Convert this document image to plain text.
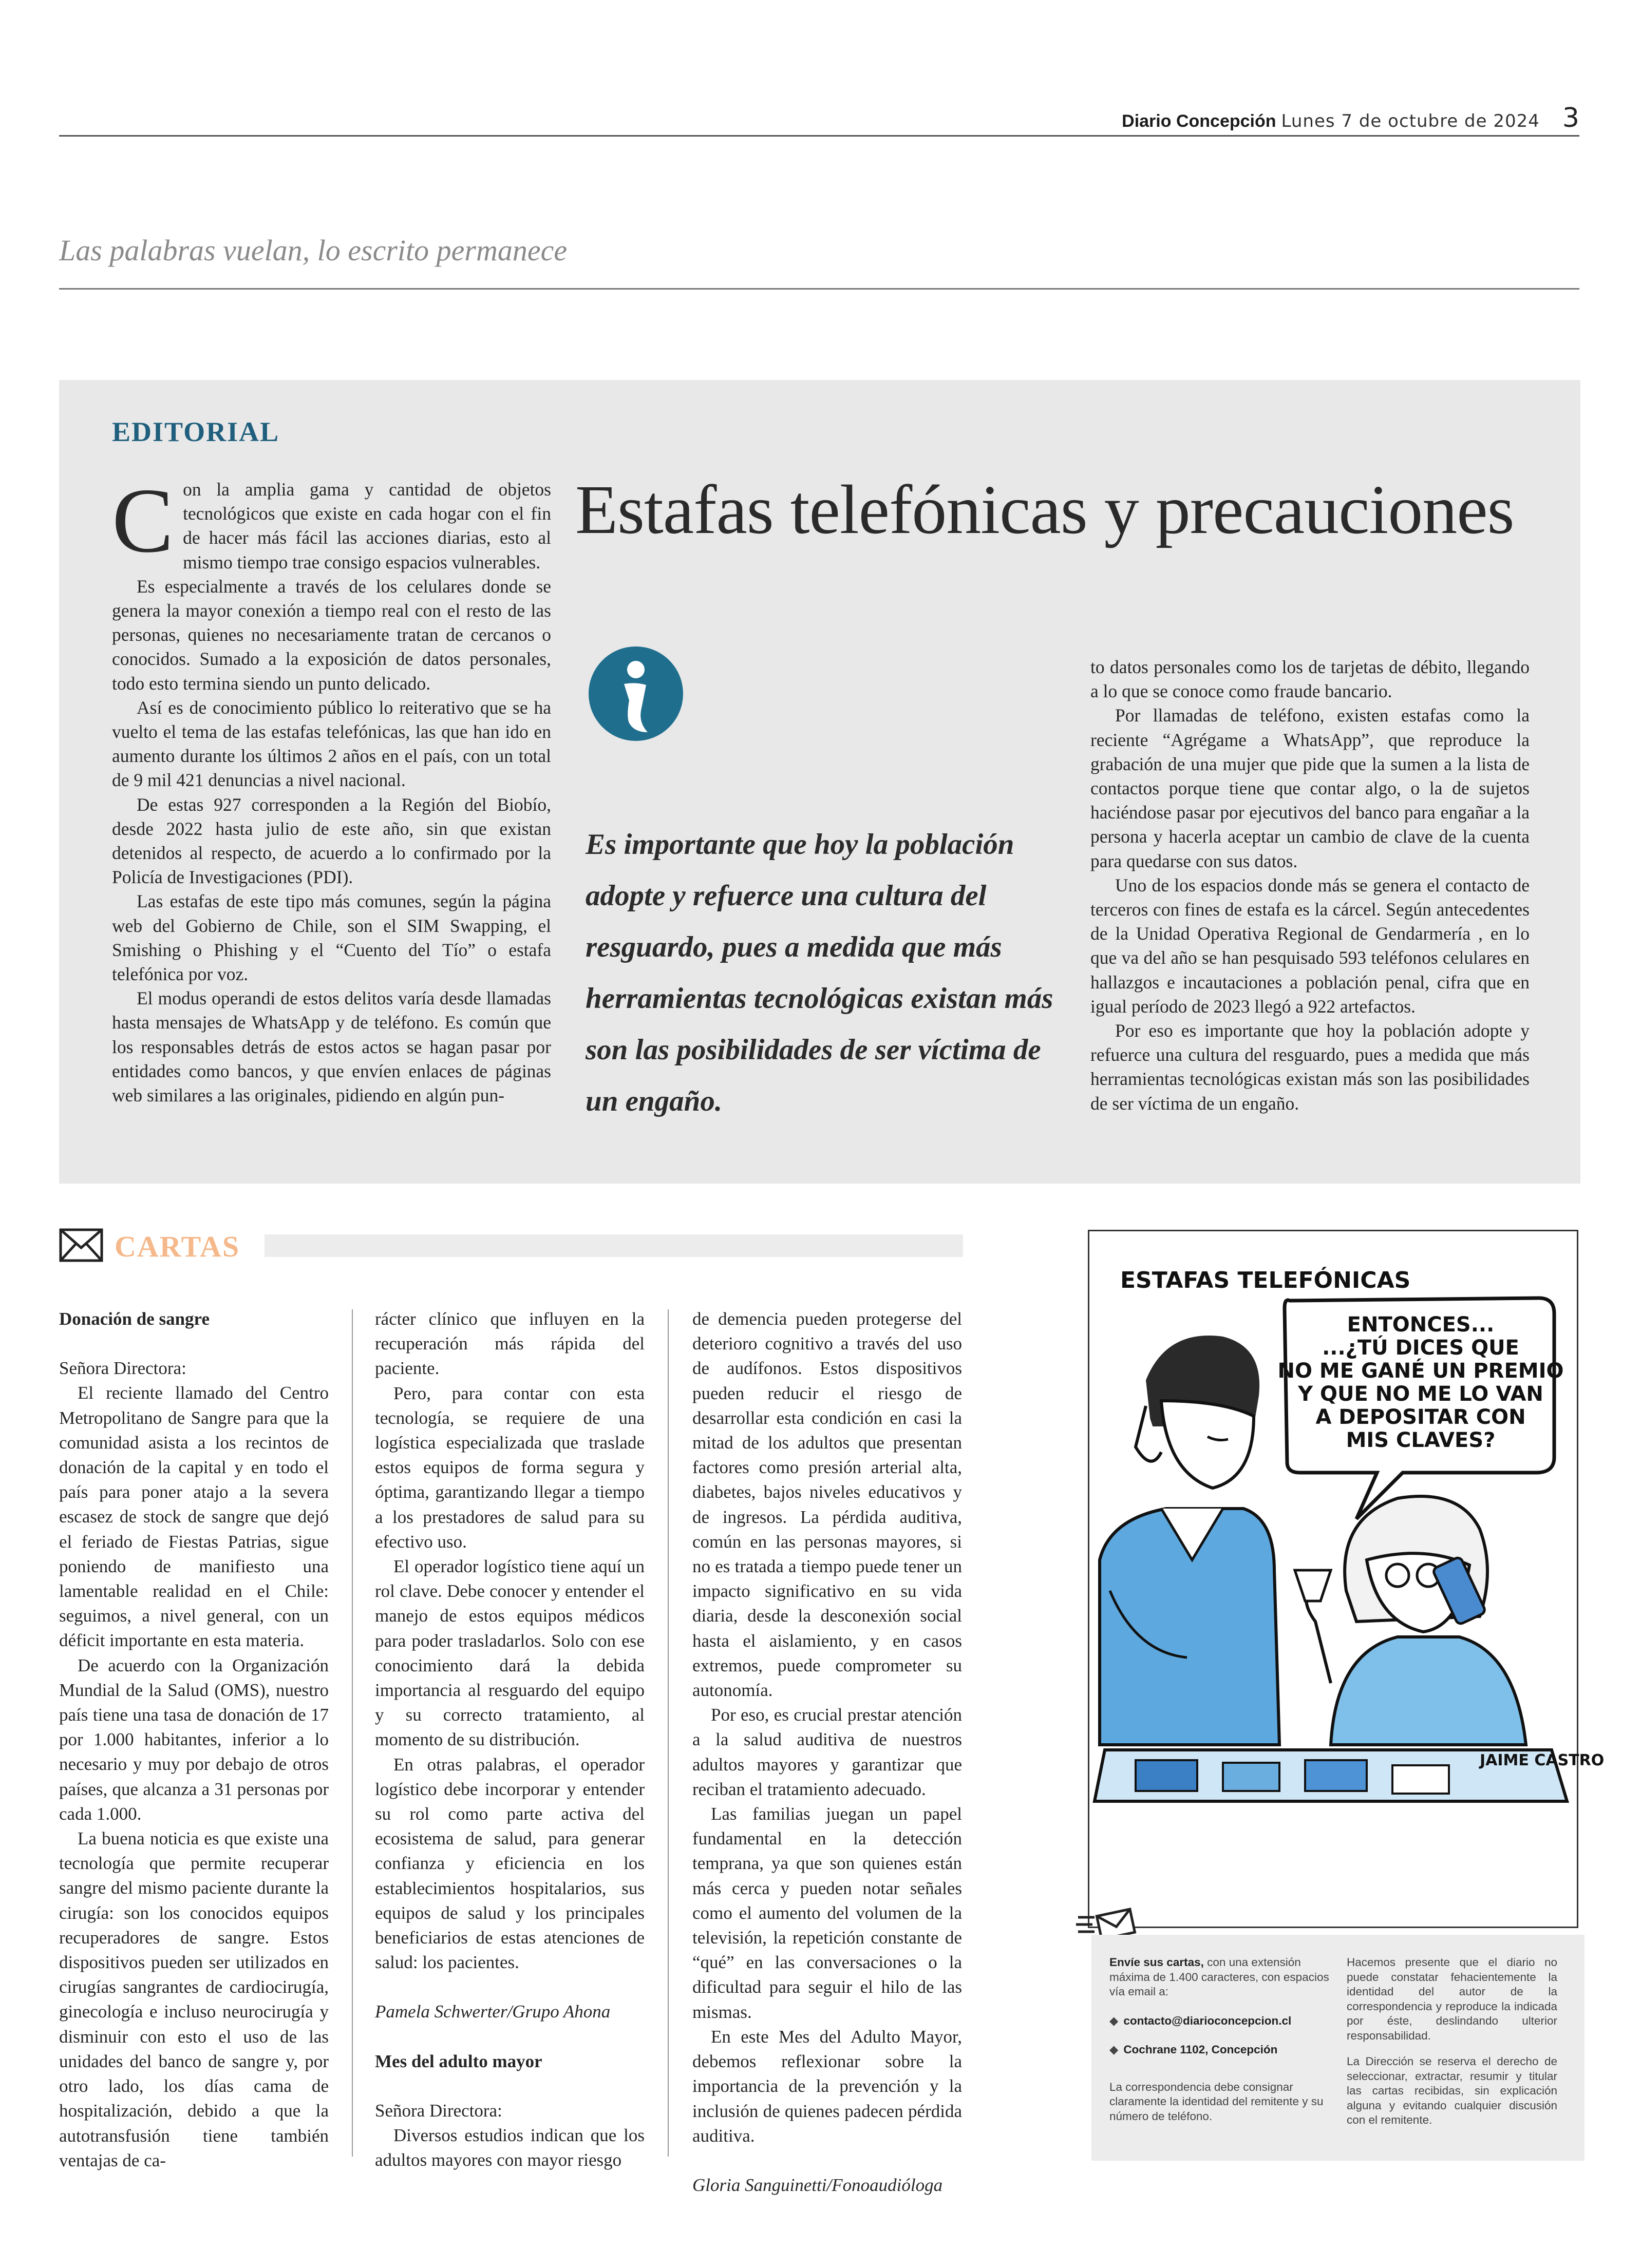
Diario Concepción Lunes 7 de octubre de 2024 3
Las palabras vuelan, lo escrito permanece
EDITORIAL
Estafas telefónicas y precauciones

Con la amplia gama y cantidad de objetos tecnológicos que existe en cada hogar con el fin de hacer más fácil las acciones diarias, esto al mismo tiempo trae consigo espacios vulnerables.

Es especialmente a través de los celulares donde se genera la mayor conexión a tiempo real con el resto de las personas, quienes no necesariamente tratan de cercanos o conocidos. Sumado a la exposición de datos personales, todo esto termina siendo un punto delicado.

Así es de conocimiento público lo reiterativo que se ha vuelto el tema de las estafas telefónicas, las que han ido en aumento durante los últimos 2 años en el país, con un total de 9 mil 421 denuncias a nivel nacional.

De estas 927 corresponden a la Región del Biobío, desde 2022 hasta julio de este año, sin que existan detenidos al respecto, de acuerdo a lo confirmado por la Policía de Investigaciones (PDI).

Las estafas de este tipo más comunes, según la página web del Gobierno de Chile, son el SIM Swapping, el Smishing o Phishing y el “Cuento del Tío” o estafa telefónica por voz.

El modus operandi de estos delitos varía desde llamadas hasta mensajes de WhatsApp y de teléfono. Es común que los responsables detrás de estos actos se hagan pasar por entidades como bancos, y que envíen enlaces de páginas web similares a las originales, pidiendo en algún pun-

Es importante que hoy la población adopte y refuerce una cultura del resguardo, pues a medida que más herramientas tecnológicas existan más son las posibilidades de ser víctima de un engaño.

to datos personales como los de tarjetas de débito, llegando a lo que se conoce como fraude bancario.

Por llamadas de teléfono, existen estafas como la reciente “Agrégame a WhatsApp”, que reproduce la grabación de una mujer que pide que la sumen a la lista de contactos porque tiene que contar algo, o la de sujetos haciéndose pasar por ejecutivos del banco para engañar a la persona y hacerla aceptar un cambio de clave de la cuenta para quedarse con sus datos.

Uno de los espacios donde más se genera el contacto de terceros con fines de estafa es la cárcel. Según antecedentes de la Unidad Operativa Regional de Gendarmería , en lo que va del año se han pesquisado 593 teléfonos celulares en hallazgos e incautaciones a población penal, cifra que en igual período de 2023 llegó a 922 artefactos.

Por eso es importante que hoy la población adopte y refuerce una cultura del resguardo, pues a medida que más herramientas tecnológicas existan más son las posibilidades de ser víctima de un engaño.

CARTAS

Donación de sangre

Señora Directora:

El reciente llamado del Centro Metropolitano de Sangre para que la comunidad asista a los recintos de donación de la capital y en todo el país para poner atajo a la severa escasez de stock de sangre que dejó el feriado de Fiestas Patrias, sigue poniendo de manifiesto una lamentable realidad en el Chile: seguimos, a nivel general, con un déficit importante en esta materia.

De acuerdo con la Organización Mundial de la Salud (OMS), nuestro país tiene una tasa de donación de 17 por 1.000 habitantes, inferior a lo necesario y muy por debajo de otros países, que alcanza a 31 personas por cada 1.000.

La buena noticia es que existe una tecnología que permite recuperar sangre del mismo paciente durante la cirugía: son los conocidos equipos recuperadores de sangre. Estos dispositivos pueden ser utilizados en cirugías sangrantes de cardiocirugía, ginecología e incluso neurocirugía y disminuir con esto el uso de las unidades del banco de sangre y, por otro lado, los días cama de hospitalización, debido a que la autotransfusión tiene también ventajas de ca-

rácter clínico que influyen en la recuperación más rápida del paciente.

Pero, para contar con esta tecnología, se requiere de una logística especializada que traslade estos equipos de forma segura y óptima, garantizando llegar a tiempo a los prestadores de salud para su efectivo uso.

El operador logístico tiene aquí un rol clave. Debe conocer y entender el manejo de estos equipos médicos para poder trasladarlos. Solo con ese conocimiento dará la debida importancia al resguardo del equipo y su correcto tratamiento, al momento de su distribución.

En otras palabras, el operador logístico debe incorporar y entender su rol como parte activa del ecosistema de salud, para generar confianza y eficiencia en los establecimientos hospitalarios, sus equipos de salud y los principales beneficiarios de estas atenciones de salud: los pacientes.

Pamela Schwerter/Grupo Ahona

Mes del adulto mayor

Señora Directora:

Diversos estudios indican que los adultos mayores con mayor riesgo

de demencia pueden protegerse del deterioro cognitivo a través del uso de audífonos. Estos dispositivos pueden reducir el riesgo de desarrollar esta condición en casi la mitad de los adultos que presentan factores como presión arterial alta, diabetes, bajos niveles educativos y de ingresos. La pérdida auditiva, común en las personas mayores, si no es tratada a tiempo puede tener un impacto significativo en su vida diaria, desde la desconexión social hasta el aislamiento, y en casos extremos, puede comprometer su autonomía.

Por eso, es crucial prestar atención a la salud auditiva de nuestros adultos mayores y garantizar que reciban el tratamiento adecuado.

Las familias juegan un papel fundamental en la detección temprana, ya que son quienes están más cerca y pueden notar señales como el aumento del volumen de la televisión, la repetición constante de “qué” en las conversaciones o la dificultad para seguir el hilo de las mismas.

En este Mes del Adulto Mayor, debemos reflexionar sobre la importancia de la prevención y la inclusión de quienes padecen pérdida auditiva.

Gloria Sanguinetti/Fonoaudióloga

ESTAFAS TELEFÓNICAS
ENTONCES...
...¿TÚ DICES QUE
NO ME GANÉ UN PREMIO
Y QUE NO ME LO VAN
A DEPOSITAR CON
MIS CLAVES?
JAIME CASTRO

Envíe sus cartas, con una extensión máxima de 1.400 caracteres, con espacios vía email a:

◆ contacto@diarioconcepcion.cl
◆ Cochrane 1102, Concepción

La correspondencia debe consignar claramente la identidad del remitente y su número de teléfono.

Hacemos presente que el diario no puede constatar fehacientemente la identidad del autor de la correspondencia y reproduce la indicada por éste, deslindando ulterior responsabilidad.

La Dirección se reserva el derecho de seleccionar, extractar, resumir y titular las cartas recibidas, sin explicación alguna y evitando cualquier discusión con el remitente.
